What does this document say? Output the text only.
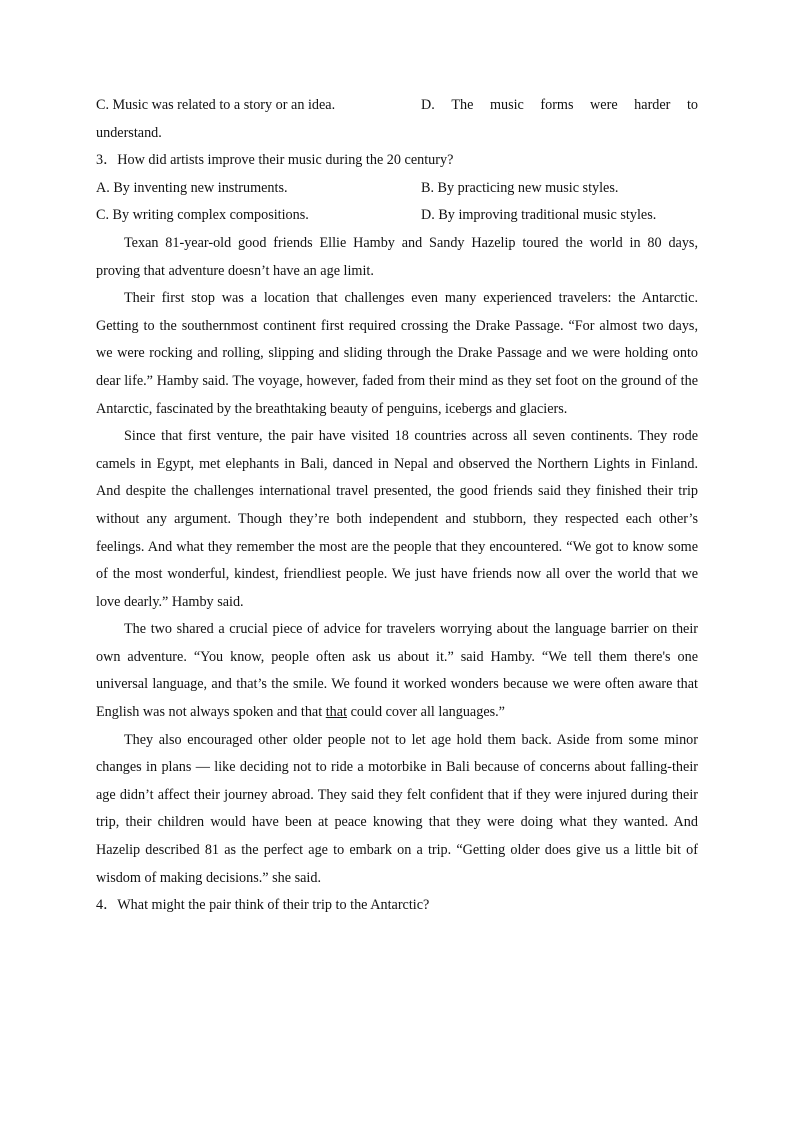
C. Music was related to a story or an idea.	D. The music forms were harder to
understand.
3．How did artists improve their music during the 20 century?
A. By inventing new instruments.	B. By practicing new music styles.
C. By writing complex compositions.	D. By improving traditional music styles.

Texan 81-year-old good friends Ellie Hamby and Sandy Hazelip toured the world in 80 days, proving that adventure doesn’t have an age limit.

Their first stop was a location that challenges even many experienced travelers: the Antarctic. Getting to the southernmost continent first required crossing the Drake Passage. “For almost two days, we were rocking and rolling, slipping and sliding through the Drake Passage and we were holding onto dear life.” Hamby said. The voyage, however, faded from their mind as they set foot on the ground of the Antarctic, fascinated by the breathtaking beauty of penguins, icebergs and glaciers.

Since that first venture, the pair have visited 18 countries across all seven continents. They rode camels in Egypt, met elephants in Bali, danced in Nepal and observed the Northern Lights in Finland. And despite the challenges international travel presented, the good friends said they finished their trip without any argument. Though they’re both independent and stubborn, they respected each other’s feelings. And what they remember the most are the people that they encountered. “We got to know some of the most wonderful, kindest, friendliest people. We just have friends now all over the world that we love dearly.” Hamby said.

The two shared a crucial piece of advice for travelers worrying about the language barrier on their own adventure. “You know, people often ask us about it.” said Hamby. “We tell them there's one universal language, and that’s the smile. We found it worked wonders because we were often aware that English was not always spoken and that that could cover all languages.”

They also encouraged other older people not to let age hold them back. Aside from some minor changes in plans — like deciding not to ride a motorbike in Bali because of concerns about falling-their age didn’t affect their journey abroad. They said they felt confident that if they were injured during their trip, their children would have been at peace knowing that they were doing what they wanted. And Hazelip described 81 as the perfect age to embark on a trip. “Getting older does give us a little bit of wisdom of making decisions.” she said.

4．What might the pair think of their trip to the Antarctic?
